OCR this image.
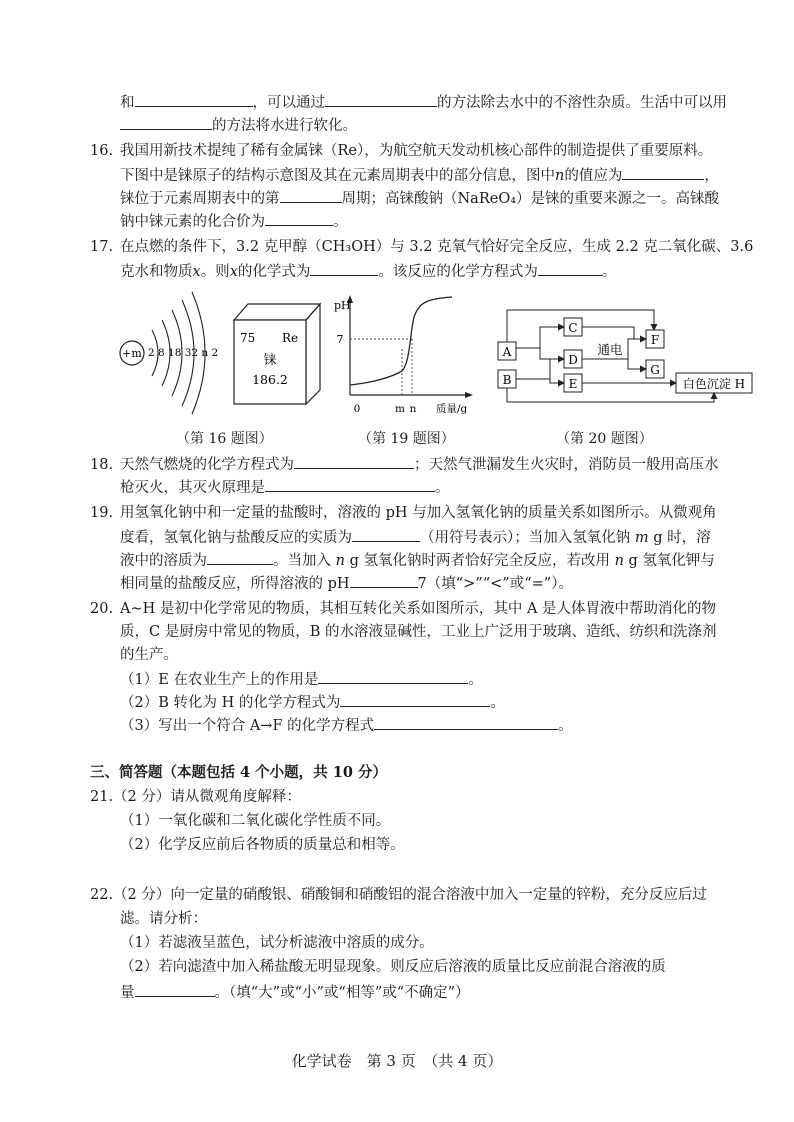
和	，可以通过	的方法除去水中的不溶性杂质。生活中可以用
的方法将水进行软化。
16. 我国用新技术提纯了稀有金属铼（Re），为航空航天发动机核心部件的制造提供了重要原料。
下图中是铼原子的结构示意图及其在元素周期表中的部分信息，图中n的值应为	，
铼位于元素周期表中的第	周期；高铼酸钠（NaReO₄）是铼的重要来源之一。高铼酸
钠中铼元素的化合价为	。
17. 在点燃的条件下，3.2 克甲醇（CH₃OH）与 3.2 克氧气恰好完全反应，生成 2.2 克二氧化碳、3.6
克水和物质x。则x的化学式为	。该反应的化学方程式为	。
+m 2 8 18 32 n 2
75 Re
铼
186.2
pH
7
0	m n 质量/g
A
B
C
D
E
F
G
白色沉淀 H
通电
（第 16 题图）	（第 19 题图）	（第 20 题图）
18. 天然气燃烧的化学方程式为	；天然气泄漏发生火灾时，消防员一般用高压水
枪灭火，其灭火原理是	。
19. 用氢氧化钠中和一定量的盐酸时，溶液的 pH 与加入氢氧化钠的质量关系如图所示。从微观角
度看，氢氧化钠与盐酸反应的实质为	（用符号表示）；当加入氢氧化钠 m g 时，溶
液中的溶质为	。当加入 n g 氢氧化钠时两者恰好完全反应，若改用 n g 氢氧化钾与
相同量的盐酸反应，所得溶液的 pH	7（填“>”“<”或“=”）。
20. A~H 是初中化学常见的物质，其相互转化关系如图所示，其中 A 是人体胃液中帮助消化的物
质，C 是厨房中常见的物质，B 的水溶液显碱性，工业上广泛用于玻璃、造纸、纺织和洗涤剂
的生产。
（1）E 在农业生产上的作用是	。
（2）B 转化为 H 的化学方程式为	。
（3）写出一个符合 A→F 的化学方程式	。
三、简答题（本题包括 4 个小题，共 10 分）
21.（2 分）请从微观角度解释：
（1）一氧化碳和二氧化碳化学性质不同。
（2）化学反应前后各物质的质量总和相等。
22.（2 分）向一定量的硝酸银、硝酸铜和硝酸铝的混合溶液中加入一定量的锌粉，充分反应后过
滤。请分析：
（1）若滤液呈蓝色，试分析滤液中溶质的成分。
（2）若向滤渣中加入稀盐酸无明显现象。则反应后溶液的质量比反应前混合溶液的质
量	。（填“大”或“小”或“相等”或“不确定”）
化学试卷　第 3 页　（共 4 页）
